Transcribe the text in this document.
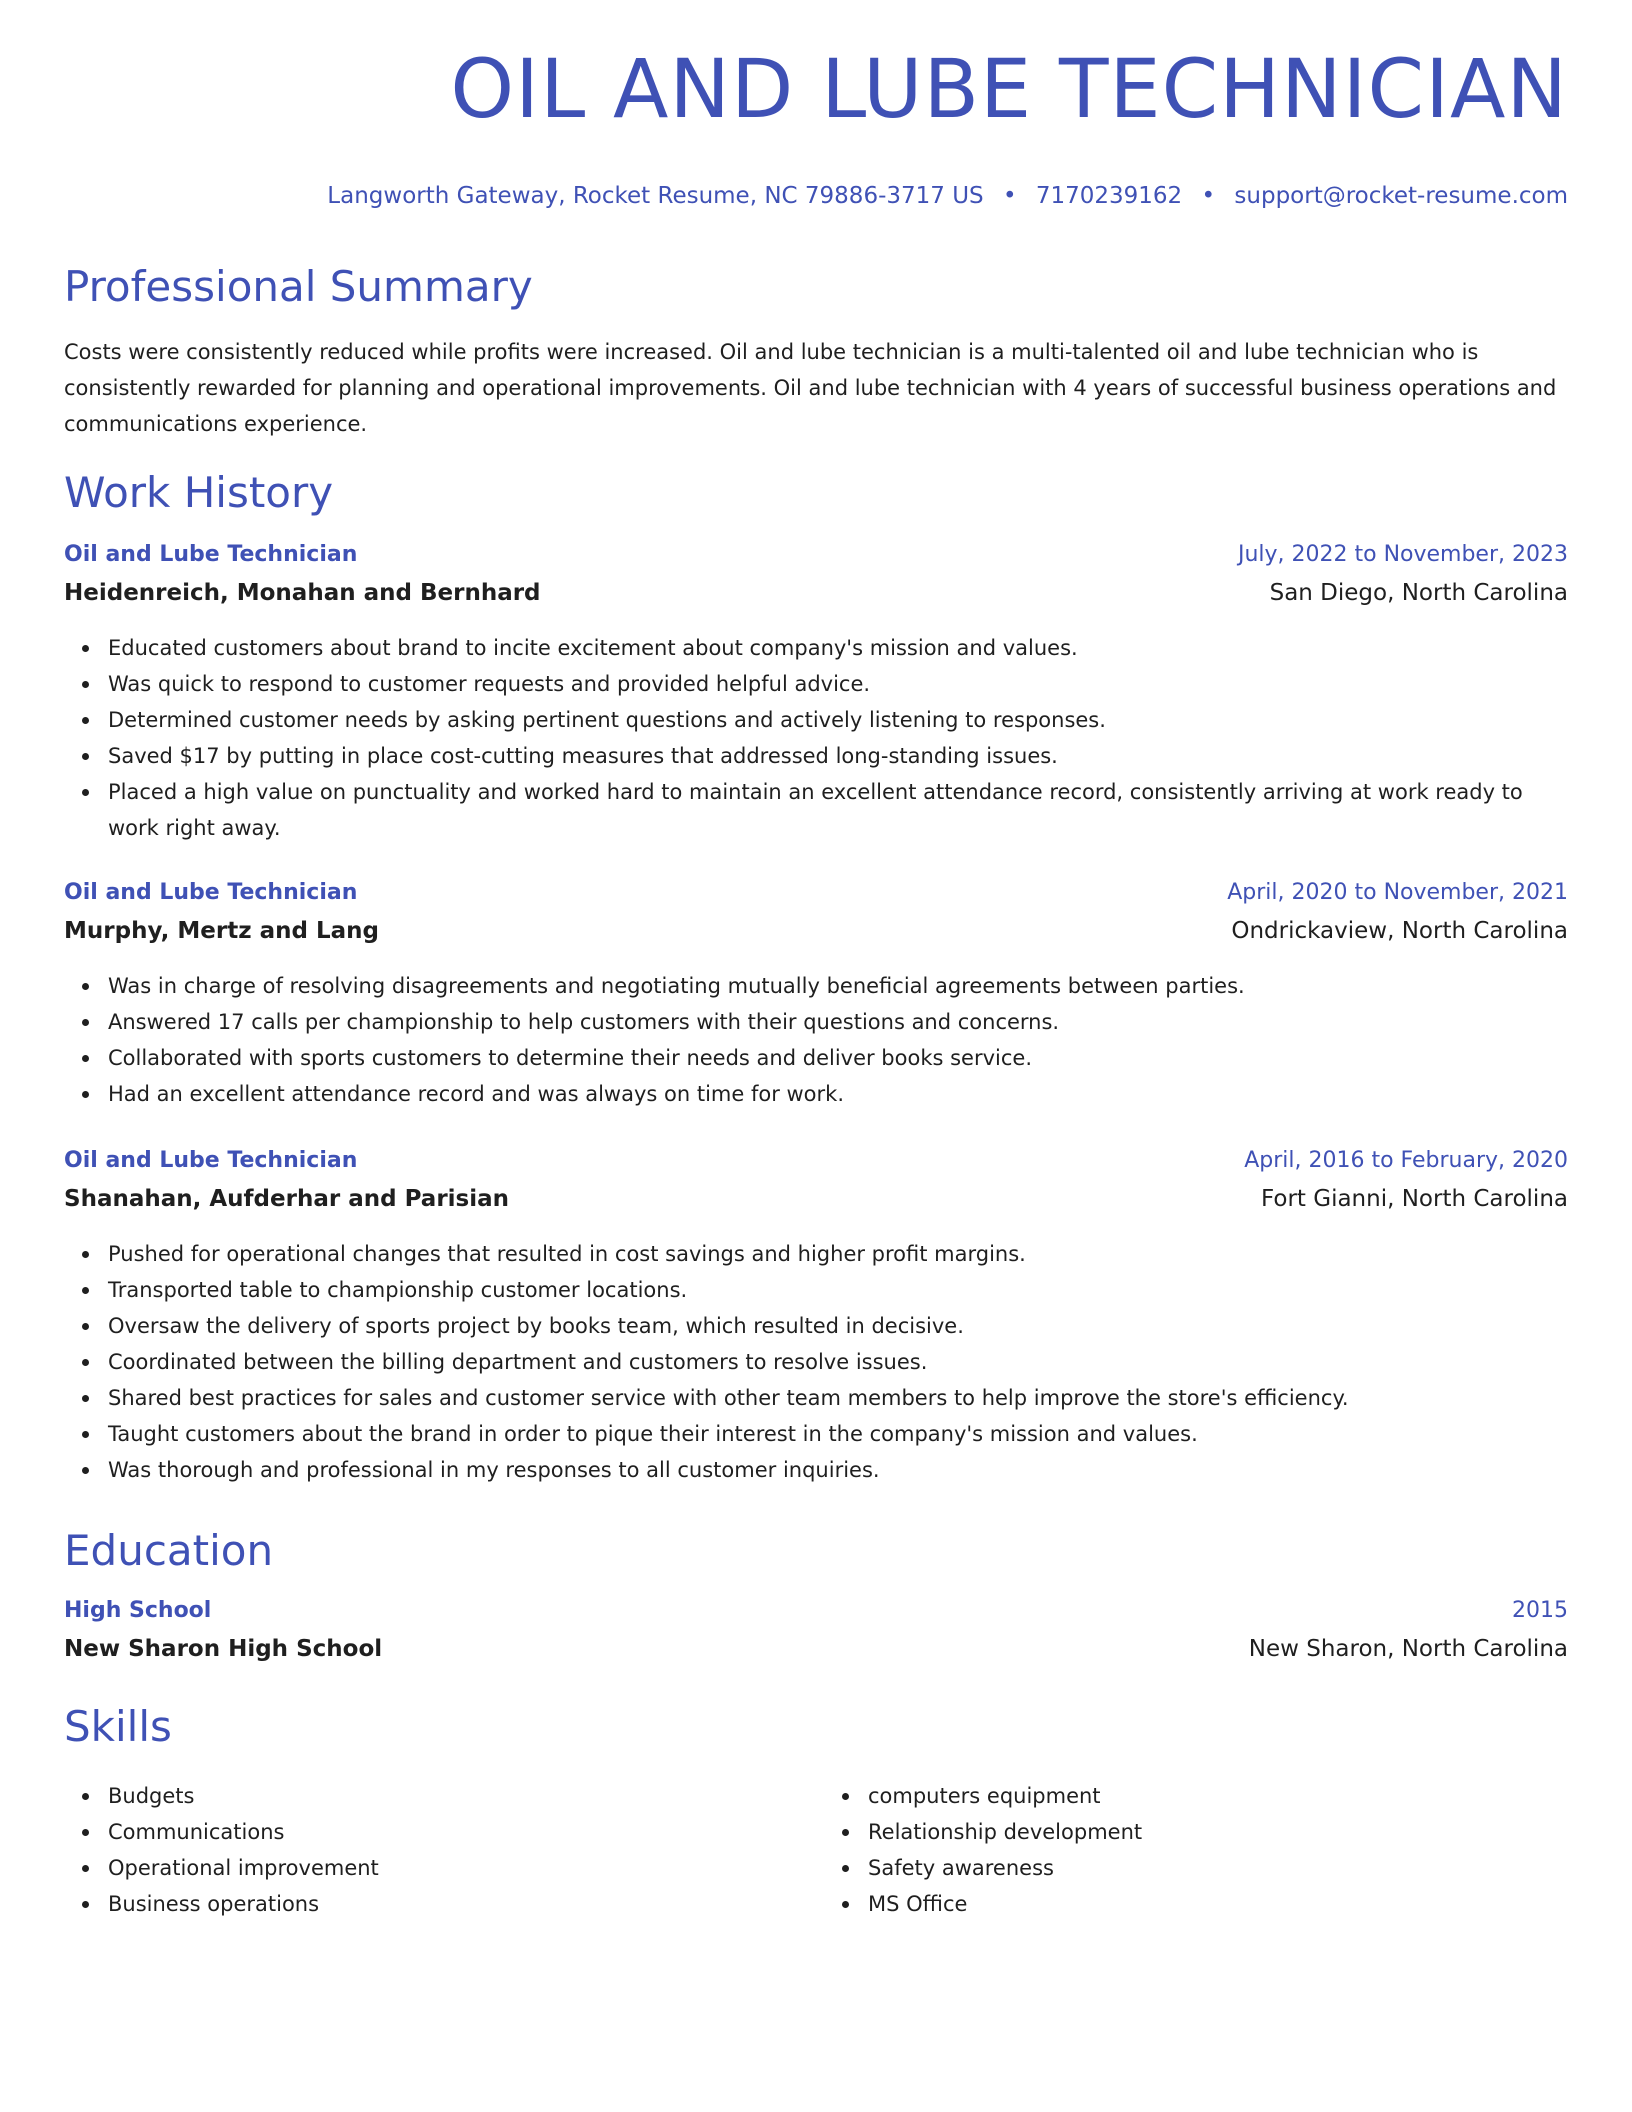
OIL AND LUBE TECHNICIAN
Langworth Gateway, Rocket Resume, NC 79886-3717 US • 7170239162 • support@rocket-resume.com
Professional Summary

Costs were consistently reduced while profits were increased. Oil and lube technician is a multi-talented oil and lube technician who is consistently rewarded for planning and operational improvements. Oil and lube technician with 4 years of successful business operations and communications experience.

Work History
Oil and Lube Technician	July, 2022 to November, 2023
Heidenreich, Monahan and Bernhard	San Diego, North Carolina
Educated customers about brand to incite excitement about company's mission and values.
Was quick to respond to customer requests and provided helpful advice.
Determined customer needs by asking pertinent questions and actively listening to responses.
Saved $17 by putting in place cost-cutting measures that addressed long-standing issues.
Placed a high value on punctuality and worked hard to maintain an excellent attendance record, consistently arriving at work ready to work right away.
Oil and Lube Technician	April, 2020 to November, 2021
Murphy, Mertz and Lang	Ondrickaview, North Carolina
Was in charge of resolving disagreements and negotiating mutually beneficial agreements between parties.
Answered 17 calls per championship to help customers with their questions and concerns.
Collaborated with sports customers to determine their needs and deliver books service.
Had an excellent attendance record and was always on time for work.
Oil and Lube Technician	April, 2016 to February, 2020
Shanahan, Aufderhar and Parisian	Fort Gianni, North Carolina
Pushed for operational changes that resulted in cost savings and higher profit margins.
Transported table to championship customer locations.
Oversaw the delivery of sports project by books team, which resulted in decisive.
Coordinated between the billing department and customers to resolve issues.
Shared best practices for sales and customer service with other team members to help improve the store's efficiency.
Taught customers about the brand in order to pique their interest in the company's mission and values.
Was thorough and professional in my responses to all customer inquiries.
Education
High School	2015
New Sharon High School	New Sharon, North Carolina
Skills
Budgets
Communications
Operational improvement
Business operations
computers equipment
Relationship development
Safety awareness
MS Office
